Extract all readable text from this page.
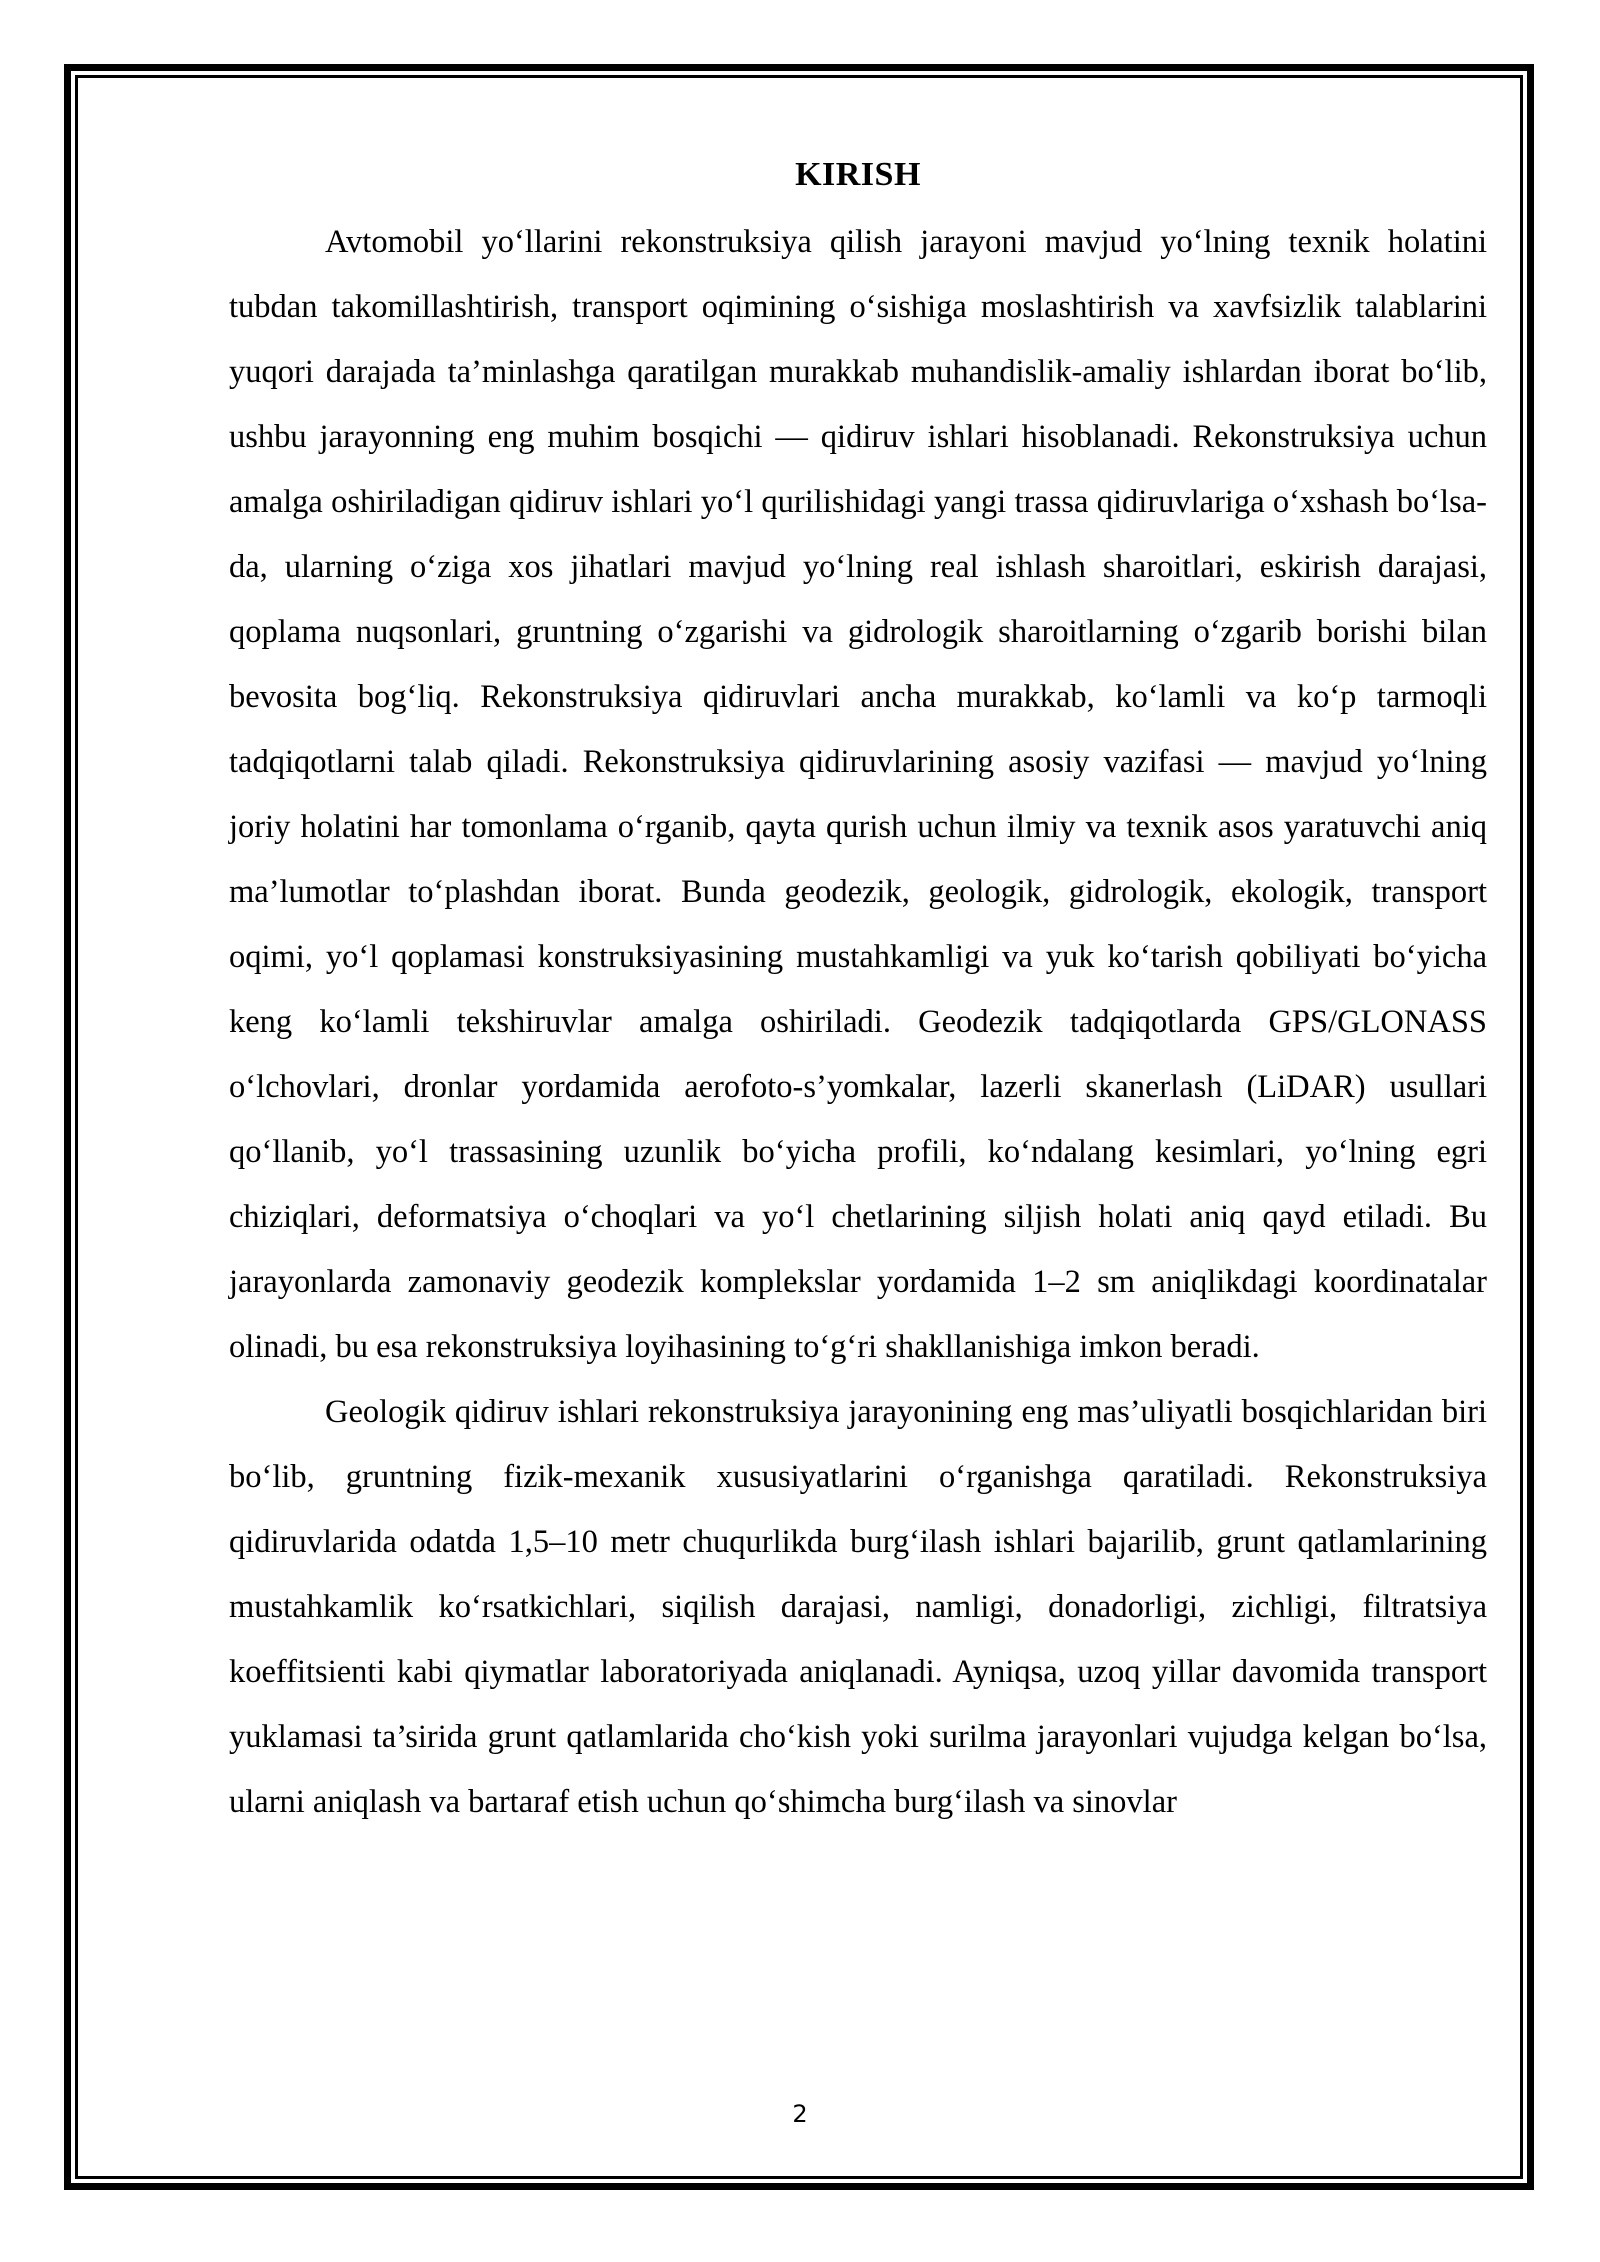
KIRISH

Avtomobil yo‘llarini rekonstruksiya qilish jarayoni mavjud yo‘lning texnik holatini tubdan takomillashtirish, transport oqimining o‘sishiga moslashtirish va xavfsizlik talablarini yuqori darajada ta’minlashga qaratilgan murakkab muhandislik-amaliy ishlardan iborat bo‘lib, ushbu jarayonning eng muhim bosqichi — qidiruv ishlari hisoblanadi. Rekonstruksiya uchun amalga oshiriladigan qidiruv ishlari yo‘l qurilishidagi yangi trassa qidiruvlariga o‘xshash bo‘lsa-da, ularning o‘ziga xos jihatlari mavjud yo‘lning real ishlash sharoitlari, eskirish darajasi, qoplama nuqsonlari, gruntning o‘zgarishi va gidrologik sharoitlarning o‘zgarib borishi bilan bevosita bog‘liq. Rekonstruksiya qidiruvlari ancha murakkab, ko‘lamli va ko‘p tarmoqli tadqiqotlarni talab qiladi. Rekonstruksiya qidiruvlarining asosiy vazifasi — mavjud yo‘lning joriy holatini har tomonlama o‘rganib, qayta qurish uchun ilmiy va texnik asos yaratuvchi aniq ma’lumotlar to‘plashdan iborat. Bunda geodezik, geologik, gidrologik, ekologik, transport oqimi, yo‘l qoplamasi konstruksiyasining mustahkamligi va yuk ko‘tarish qobiliyati bo‘yicha keng ko‘lamli tekshiruvlar amalga oshiriladi. Geodezik tadqiqotlarda GPS/GLONASS o‘lchovlari, dronlar yordamida aerofoto-s’yomkalar, lazerli skanerlash (LiDAR) usullari qo‘llanib, yo‘l trassasining uzunlik bo‘yicha profili, ko‘ndalang kesimlari, yo‘lning egri chiziqlari, deformatsiya o‘choqlari va yo‘l chetlarining siljish holati aniq qayd etiladi. Bu jarayonlarda zamonaviy geodezik komplekslar yordamida 1–2 sm aniqlikdagi koordinatalar olinadi, bu esa rekonstruksiya loyihasining to‘g‘ri shakllanishiga imkon beradi.

Geologik qidiruv ishlari rekonstruksiya jarayonining eng mas’uliyatli bosqichlaridan biri bo‘lib, gruntning fizik-mexanik xususiyatlarini o‘rganishga qaratiladi. Rekonstruksiya qidiruvlarida odatda 1,5–10 metr chuqurlikda burg‘ilash ishlari bajarilib, grunt qatlamlarining mustahkamlik ko‘rsatkichlari, siqilish darajasi, namligi, donadorligi, zichligi, filtratsiya koeffitsienti kabi qiymatlar laboratoriyada aniqlanadi. Ayniqsa, uzoq yillar davomida transport yuklamasi ta’sirida grunt qatlamlarida cho‘kish yoki surilma jarayonlari vujudga kelgan bo‘lsa, ularni aniqlash va bartaraf etish uchun qo‘shimcha burg‘ilash va sinovlar

2
